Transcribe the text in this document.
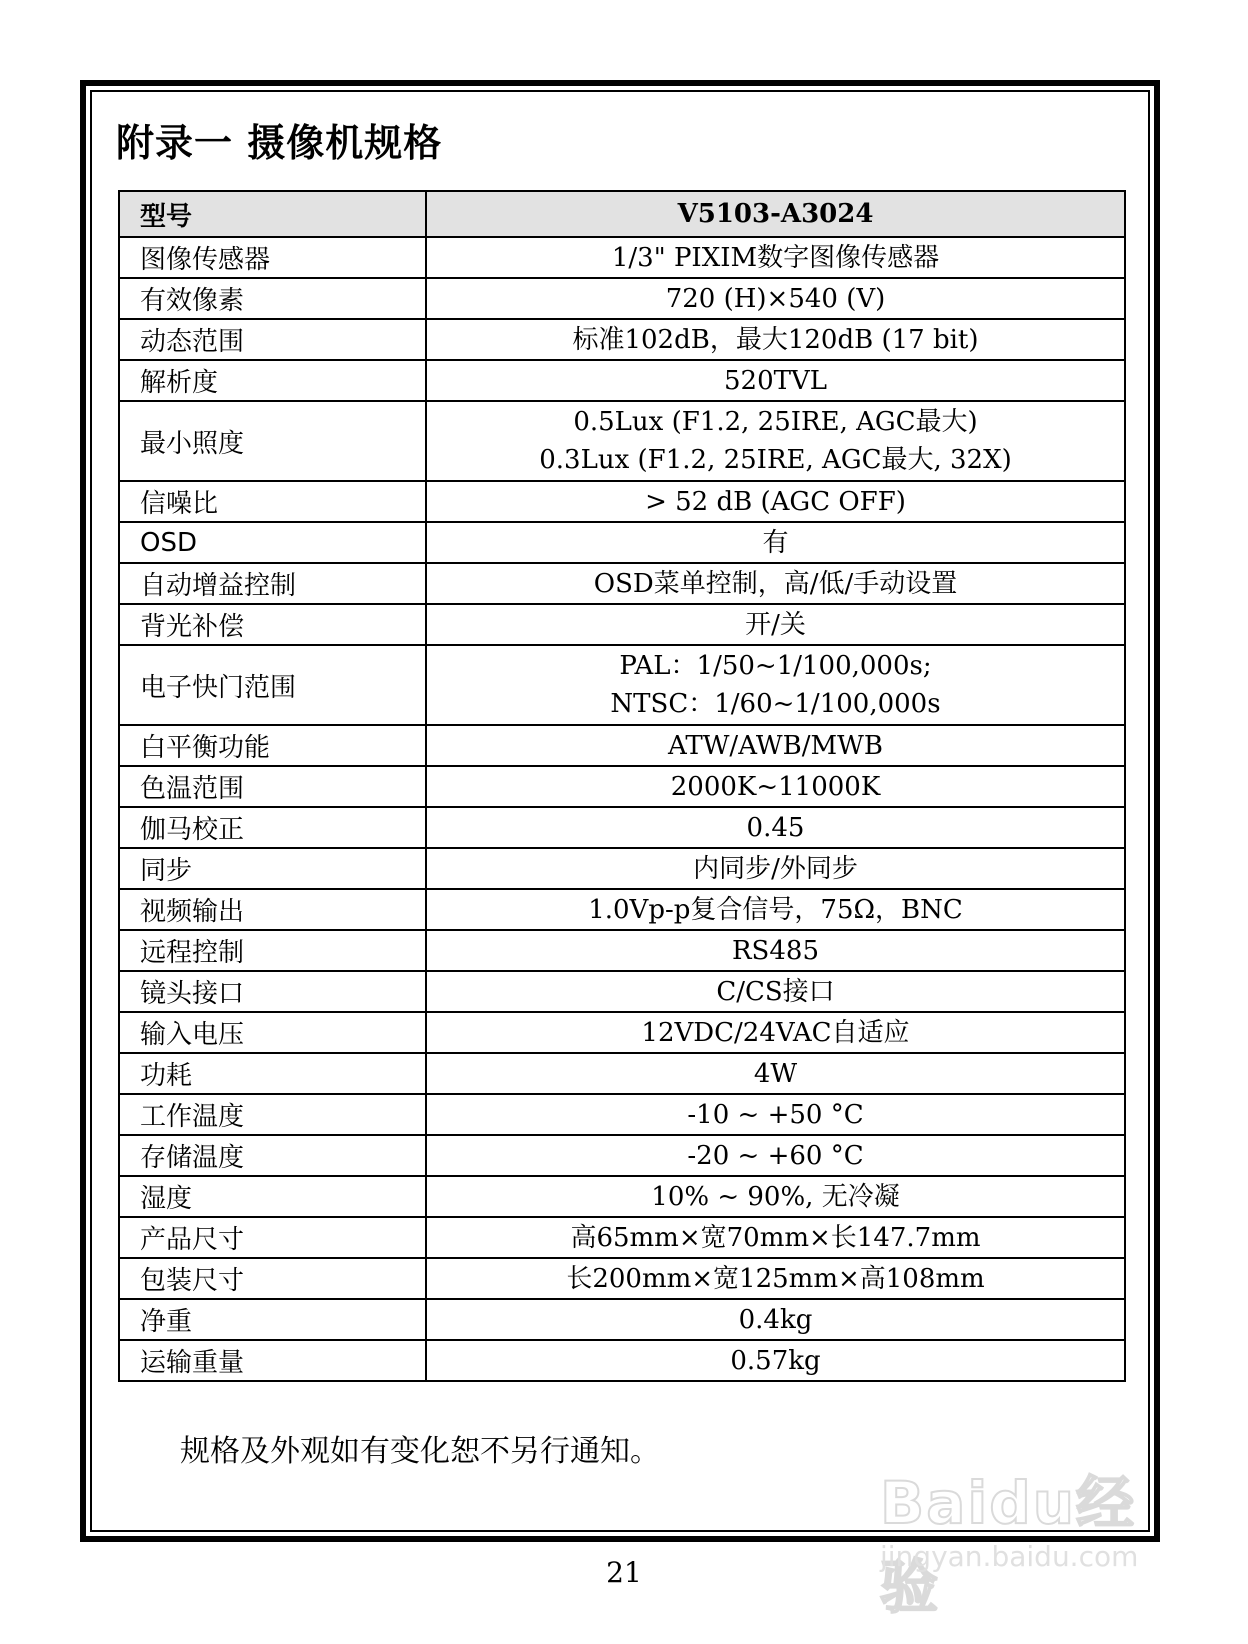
附录一 摄像机规格
型号	V5103-A3024
图像传感器	1/3" PIXIM数字图像传感器

有效像素	720 (H)×540 (V)

动态范围	标准102dB，最大120dB (17 bit)

解析度	520TVL

最小照度	0.5Lux (F1.2, 25IRE, AGC最大)
0.3Lux (F1.2, 25IRE, AGC最大, 32X)

信噪比	> 52 dB (AGC OFF)

OSD	有

自动增益控制	OSD菜单控制，高/低/手动设置

背光补偿	开/关

电子快门范围	PAL：1/50~1/100,000s;
NTSC：1/60~1/100,000s

白平衡功能	ATW/AWB/MWB

色温范围	2000K~11000K

伽马校正	0.45

同步	内同步/外同步

视频输出	1.0Vp-p复合信号，75Ω，BNC

远程控制	RS485

镜头接口	C/CS接口

输入电压	12VDC/24VAC自适应

功耗	4W

工作温度	-10 ~ +50 °C

存储温度	-20 ~ +60 °C

湿度	10% ~ 90%, 无冷凝

产品尺寸	高65mm×宽70mm×长147.7mm

包装尺寸	长200mm×宽125mm×高108mm

净重	0.4kg

运输重量	0.57kg

规格及外观如有变化恕不另行通知。

21
Baidu经验
jingyan.baidu.com
